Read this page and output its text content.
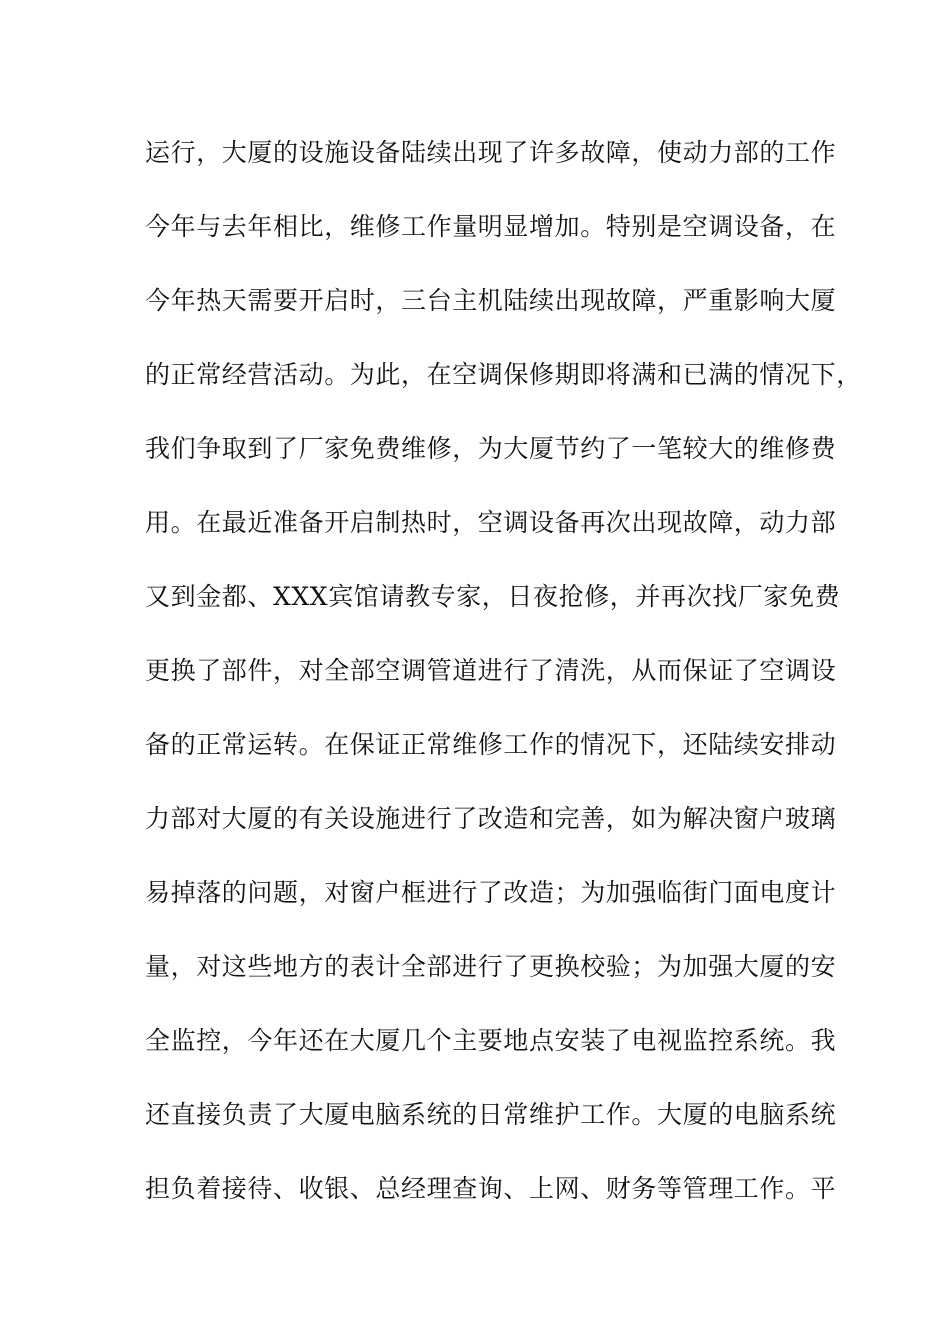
运行，大厦的设施设备陆续出现了许多故障，使动力部的工作
今年与去年相比，维修工作量明显增加。特别是空调设备，在
今年热天需要开启时，三台主机陆续出现故障，严重影响大厦
的正常经营活动。为此，在空调保修期即将满和已满的情况下，
我们争取到了厂家免费维修，为大厦节约了一笔较大的维修费
用。在最近准备开启制热时，空调设备再次出现故障，动力部
又到金都、XXX宾馆请教专家，日夜抢修，并再次找厂家免费
更换了部件，对全部空调管道进行了清洗，从而保证了空调设
备的正常运转。在保证正常维修工作的情况下，还陆续安排动
力部对大厦的有关设施进行了改造和完善，如为解决窗户玻璃
易掉落的问题，对窗户框进行了改造；为加强临街门面电度计
量，对这些地方的表计全部进行了更换校验；为加强大厦的安
全监控，今年还在大厦几个主要地点安装了电视监控系统。我
还直接负责了大厦电脑系统的日常维护工作。大厦的电脑系统
担负着接待、收银、总经理查询、上网、财务等管理工作。平
